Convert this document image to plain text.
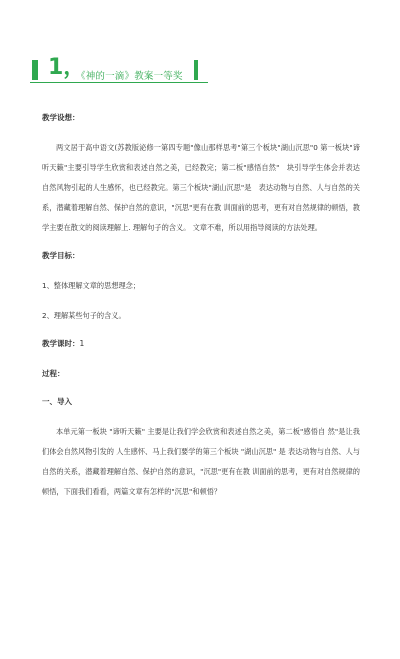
1，
《神的一滴》教案一等奖

教学设想：

两文居于高中语文(苏教版泌修一第四专题"像山那样思考"第三个板块"湖山沉思"0 第一板块"谛听天籁"主要引导学生欣赏和表述自然之美，已经教完；第二板"感悟自然"　块引导学生体会并表达自然风物引起的人生感怀，也已经教完。第三个板块"湖山沉思"是　表达动物与自然、人与自然的关系，潜藏着理解自然、保护自然的意识，"沉思"更有在教 训面前的思考，更有对自然规律的顿悟，教学主要在散文的阅读理解上. 理解句子的含义。 文章不难，所以用指导阅读的方法处理。

教学目标：

1、整体理解文章的思想理念；

2、理解某些句子的含义。

教学课时：1

过程：

一、导入

本单元第一板块 "谛听天籁" 主要是让我们学会欣赏和表述自然之美，第二板"感悟自 然"是让我们体会自然风物引发的 人生感怀、马上我们要学的第三个板块 "湖山沉思" 是 表达动物与自然、人与自然的关系，潜藏着理解自然、保护自然的意识，"沉思"更有在教 训面前的思考，更有对自然规律的顿悟，下面我们看看，两篇文章有怎样的"沉思"和顿悟？
